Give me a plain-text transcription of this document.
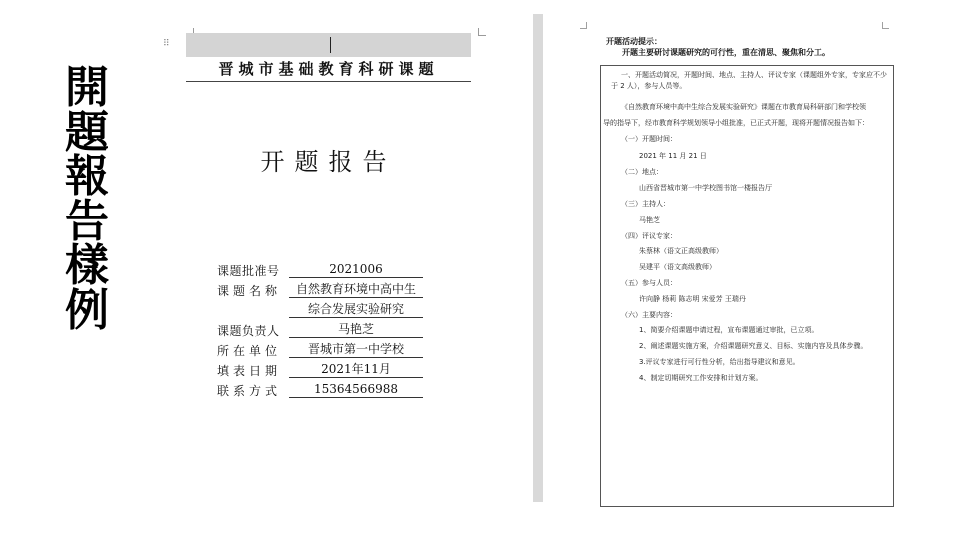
開
題
報
告
樣
例
⠿
晋城市基础教育科研课题
开题报告
课题批准号	2021006
课题名称	自然教育环境中高中生
综合发展实验研究
课题负责人	马艳芝
所在单位	晋城市第一中学校
填表日期	2021年11月
联系方式	15364566988
开题活动提示：
开题主要研讨课题研究的可行性，重在清思、聚焦和分工。
一、开题活动简况，开题时间、地点、主持人、评议专家（课题组外专家，专家应不少
于 2 人），参与人员等。
《自然教育环境中高中生综合发展实验研究》课题在市教育局科研部门和学校领
导的指导下，经市教育科学规划领导小组批准，已正式开题，现将开题情况报告如下：
（一）开题时间：
2021 年 11 月 21 日
（二）地点：
山西省晋城市第一中学校图书馆一楼报告厅
（三）主持人：
马艳芝
（四）评议专家：
朱蔡林（语文正高级教师）
吴建平（语文高级教师）
（五）参与人员：
许向静 杨莉 陈志明 宋爱芳 王瑞丹
（六）主要内容：
1、简要介绍课题申请过程，宣布课题通过审批，已立项。
2、阐述课题实施方案，介绍课题研究意义、目标、实施内容及具体步骤。
3.评议专家进行可行性分析，给出指导建议和意见。
4、制定切期研究工作安排和计划方案。
